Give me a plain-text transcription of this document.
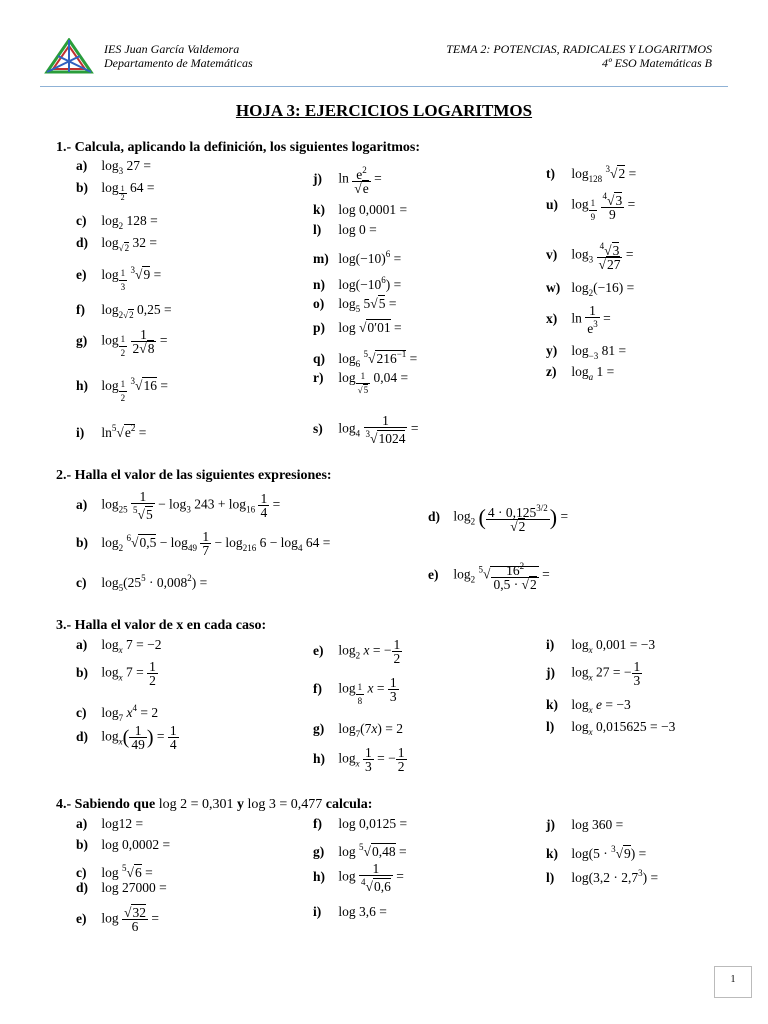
IES Juan García Valdemora
Departamento de Matemáticas
TEMA 2: POTENCIAS, RADICALES Y LOGARITMOS
4º ESO Matemáticas B
HOJA 3: EJERCICIOS LOGARITMOS
1.- Calcula, aplicando la definición, los siguientes logaritmos:
a) $\log_3 27$ =
b) log $_{\frac{1}{2}}$ 64 =
c) $\log_2 128$ =
d) $\log_{√2} 32$ =
e) log $_{\frac{1}{3}}$ $^3$√9 =
f) $\log_{2√2} 0,25$ =
g) log $_{\frac{1}{2}}$
$\frac{1}{2√8}$ =
h) log $_{\frac{1}{2}}$ $^3$√16 =
i) $\ln^5√e^2$ =
j) $\ln \frac{e^2}{√e}$ =
k) log 0,0001 =
l) log 0 =
m) $\log(-10)^6$ =
n) $\log(-10^6)$ =
o) $\log_5 5√5$ =
p) log √0′01 =
q) $\log_6 ^5√216^{-1}$ =
r) log $_{\frac{1}{√5}}$ 0,04 =
s) $\log_4 \frac{1}{^3√1024}$ =
t) $\log_{128} ^3√2$ =
u) log $_{\frac{1}{9}}$
$\frac{^4√3}{9}$ =
v) $\log_3 \frac{^4√3}{√27}$ =
w) $\log_2(-16)$ =
x) $\ln \frac{1}{e^3}$ =
y) $\log_{-3} 81$ =
z) $\log_a 1$ =
2.- Halla el valor de las siguientes expresiones:
a) $\log_{25} \frac{1}{^5√5} - \log_3 243 + \log_{16} \frac{1}{4}$ =
b) $\log_2 ^6√0,5 - \log_{49} \frac{1}{7} - \log_{216} 6 - \log_4 64$ =
c) $\log_5(25^5 \cdot 0,008^2)$ =
d) $\log_2$ ( $\frac{4 \cdot 0,125^{3/2}}{√2}$ ) =
e) $\log_2 ^5√ \frac{16^2}{0,5 \cdot √2}$ =
3.- Halla el valor de x en cada caso:
a) $\log_x 7 = -2$
b) $\log_x 7 = \frac{1}{2}$
c) $\log_7 x^4 = 2$
d) $\log_x( \frac{1}{49}$ ) = $\frac{1}{4}$
e) $\log_2 x$ = − $\frac{1}{2}$
f) log $_{\frac{1}{8}}$ $x = \frac{1}{3}$
g) $\log_7(7x) = 2$
h) $\log_x \frac{1}{3}$ = − $\frac{1}{2}$
i) $\log_x 0,001 = -3$
j) $\log_x 27$ = − $\frac{1}{3}$
k) $\log_x e = -3$
l) $\log_x 0,015625 = -3$
4.- Sabiendo que log 2 = 0,301 y log 3 = 0,477 calcula:
a) log12 =
b) log 0,0002 =
c) log $^5$√6 =
d) log 27000 =
e) $\log \frac{√32}{6}$ =
f) log 0,0125 =
g) log $^5$√0,48 =
h) $\log \frac{1}{^4√0,6}$ =
i) log 3,6 =
j) log 360 =
k) log(5 · $^3$√9) =
l) $\log(3,2 \cdot 2,7^3)$ =
1
